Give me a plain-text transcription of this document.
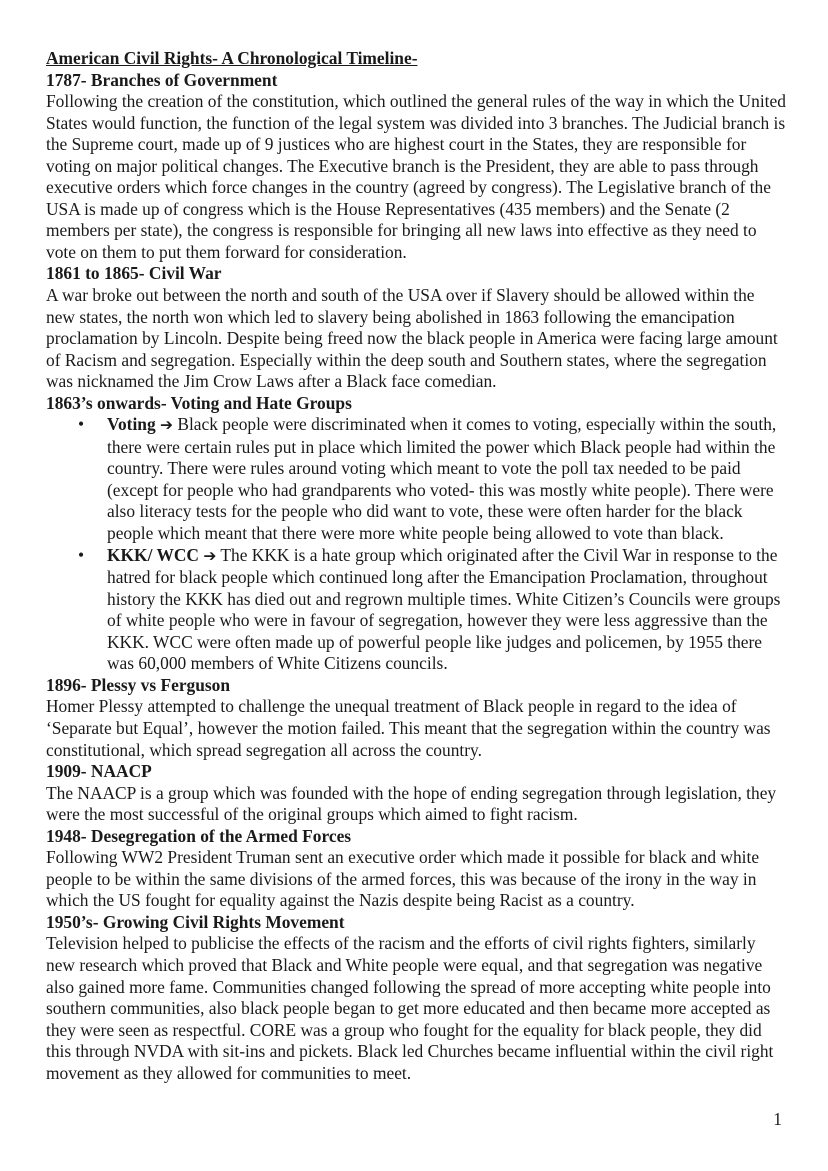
American Civil Rights- A Chronological Timeline-
1787- Branches of Government

Following the creation of the constitution, which outlined the general rules of the way in which the United States would function, the function of the legal system was divided into 3 branches. The Judicial branch is the Supreme court, made up of 9 justices who are highest court in the States, they are responsible for voting on major political changes. The Executive branch is the President, they are able to pass through executive orders which force changes in the country (agreed by congress). The Legislative branch of the USA is made up of congress which is the House Representatives (435 members) and the Senate (2 members per state), the congress is responsible for bringing all new laws into effective as they need to vote on them to put them forward for consideration.

1861 to 1865- Civil War

A war broke out between the north and south of the USA over if Slavery should be allowed within the new states, the north won which led to slavery being abolished in 1863 following the emancipation proclamation by Lincoln. Despite being freed now the black people in America were facing large amount of Racism and segregation. Especially within the deep south and Southern states, where the segregation was nicknamed the Jim Crow Laws after a Black face comedian.

1863’s onwards- Voting and Hate Groups
• Voting ➔ Black people were discriminated when it comes to voting, especially within the south, there were certain rules put in place which limited the power which Black people had within the country. There were rules around voting which meant to vote the poll tax needed to be paid (except for people who had grandparents who voted- this was mostly white people). There were also literacy tests for the people who did want to vote, these were often harder for the black people which meant that there were more white people being allowed to vote than black.
• KKK/ WCC ➔ The KKK is a hate group which originated after the Civil War in response to the hatred for black people which continued long after the Emancipation Proclamation, throughout history the KKK has died out and regrown multiple times. White Citizen’s Councils were groups of white people who were in favour of segregation, however they were less aggressive than the KKK. WCC were often made up of powerful people like judges and policemen, by 1955 there was 60,000 members of White Citizens councils.
1896- Plessy vs Ferguson

Homer Plessy attempted to challenge the unequal treatment of Black people in regard to the idea of ‘Separate but Equal’, however the motion failed. This meant that the segregation within the country was constitutional, which spread segregation all across the country.

1909- NAACP

The NAACP is a group which was founded with the hope of ending segregation through legislation, they were the most successful of the original groups which aimed to fight racism.

1948- Desegregation of the Armed Forces

Following WW2 President Truman sent an executive order which made it possible for black and white people to be within the same divisions of the armed forces, this was because of the irony in the way in which the US fought for equality against the Nazis despite being Racist as a country.

1950’s- Growing Civil Rights Movement

Television helped to publicise the effects of the racism and the efforts of civil rights fighters, similarly new research which proved that Black and White people were equal, and that segregation was negative also gained more fame. Communities changed following the spread of more accepting white people into southern communities, also black people began to get more educated and then became more accepted as they were seen as respectful. CORE was a group who fought for the equality for black people, they did this through NVDA with sit-ins and pickets. Black led Churches became influential within the civil right movement as they allowed for communities to meet.

1
